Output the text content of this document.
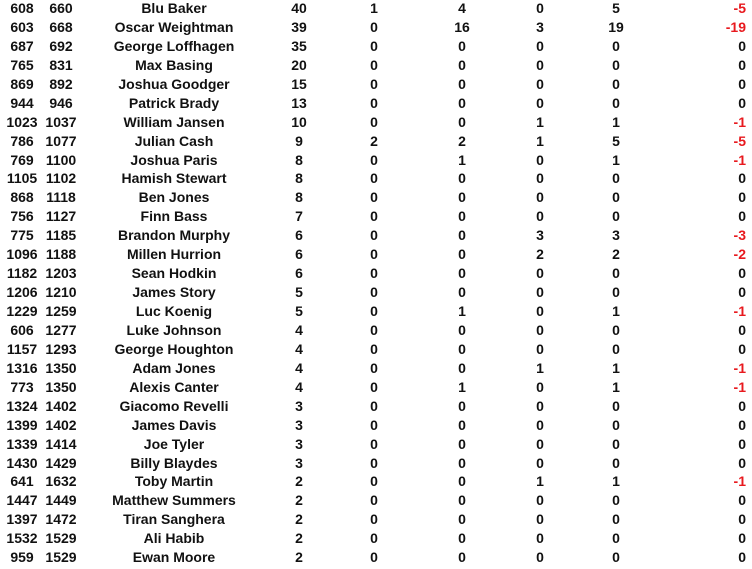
608	660	Blu Baker	40	1	4	0	5	-5
603	668	Oscar Weightman	39	0	16	3	19	-19
687	692	George Loffhagen	35	0	0	0	0	0
765	831	Max Basing	20	0	0	0	0	0
869	892	Joshua Goodger	15	0	0	0	0	0
944	946	Patrick Brady	13	0	0	0	0	0
1023 1037	William Jansen	10	0	0	1	1	-1
786 1077	Julian Cash	9	2	2	1	5	-5
769 1100	Joshua Paris	8	0	1	0	1	-1
1105 1102	Hamish Stewart	8	0	0	0	0	0
868 1118	Ben Jones	8	0	0	0	0	0
756 1127	Finn Bass	7	0	0	0	0	0
775 1185	Brandon Murphy	6	0	0	3	3	-3
1096 1188	Millen Hurrion	6	0	0	2	2	-2
1182 1203	Sean Hodkin	6	0	0	0	0	0
1206 1210	James Story	5	0	0	0	0	0
1229 1259	Luc Koenig	5	0	1	0	1	-1
606 1277	Luke Johnson	4	0	0	0	0	0
1157 1293	George Houghton	4	0	0	0	0	0
1316 1350	Adam Jones	4	0	0	1	1	-1
773 1350	Alexis Canter	4	0	1	0	1	-1
1324 1402	Giacomo Revelli	3	0	0	0	0	0
1399 1402	James Davis	3	0	0	0	0	0
1339 1414	Joe Tyler	3	0	0	0	0	0
1430 1429	Billy Blaydes	3	0	0	0	0	0
641 1632	Toby Martin	2	0	0	1	1	-1
1447 1449	Matthew Summers	2	0	0	0	0	0
1397 1472	Tiran Sanghera	2	0	0	0	0	0
1532 1529	Ali Habib	2	0	0	0	0	0
959 1529	Ewan Moore	2	0	0	0	0	0
